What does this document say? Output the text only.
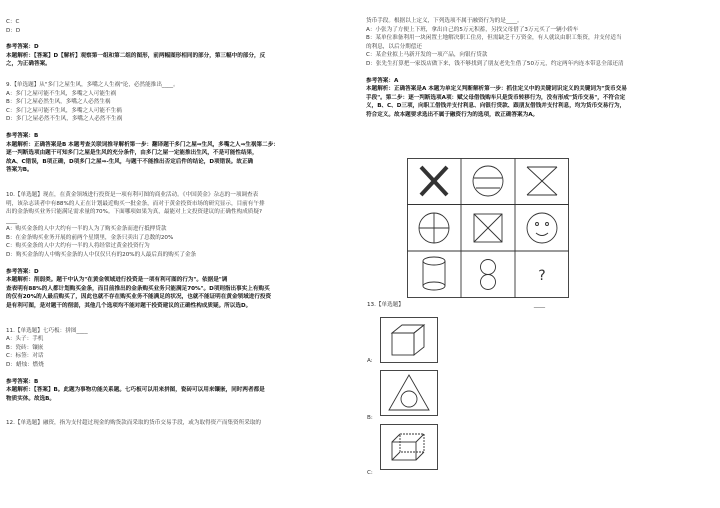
C：C
D：D
参考答案：D
本题解析：【答案】D【解析】观察第一组和第二组的图形，前两幅图形相同的部分，第三幅中的部分，反
之，为正确答案。
9.【单选题】从"多门之屋生风，多嘴之人生祸"论，必然能推出____。
A：多门之屋可能不生风，多嘴之人可能生祸
B：多门之屋必然生风，多嘴之人必然生祸
C：多门之屋可能不生风，多嘴之人可能不生祸
D：多门之屋必然不生风，多嘴之人必然不生祸
参考答案：B
本题解析：正确答案是B 本题考查关联词推导解析第一步：翻译题干多门之屋⇒生风，多嘴之人⇒生祸第二步：
逐一判断选项由题干可知多门之屋是生风的充分条件，由多门之屋一定能推出生风，不是可能性结果，
故A、C错误，B项正确，D项多门之屋⇒-生风，与题干不能推出否定后件的结论，D项错误。故正确
答案为B。
10.【单选题】现在，在黄金领域进行投资是一项有利可图的商业活动。《中国黄金》杂志的一项调查表
明，该杂志读者中有88%的人正在计划最近购买一批金条，而对于黄金投资市场的研究显示，目前有午排
出的金条购买业务只能满足需求量的70%。下面哪项如果为真，最能对上文投资建议的正确性构成质疑?
____
A：购买金条的人中大约有一半的人为了购买金条而进行抵押贷款
B：在金条购买业务开展的前两个星期里，金条只卖出了总数的20%
C：购买金条的人中大约有一半的人将经常过黄金投资行为
D：购买金条的人中购买金条的人中仅仅只有的20%的人最后真的购买了金条
参考答案：D
本题解析：削弱类。题干中认为"在黄金领域进行投资是一项有利可图的行为"。依据是"调
查表明有88%的人都计划购买金条，而目前推出的金条购买业务只能满足70%"。D项则指出事实上有购买
的仅有20%的人最后购买了，因此也就不存在购买业务不能满足的状况，也就不能证明在黄金领域进行投资
是有利可图，是对题干的削弱，其他几个选项均不能对题干投资建议的正确性构成质疑。所以选D。
11.【单选题】七巧板：拼图____
A：头子：手机
B：瓷砖：镶嵌
C：标签：对话
D：蜡烛：燃烧
参考答案：B
本题解析：【答案】B。此题为事物功能关系题。七巧板可以用来拼图，瓷砖可以用来镶嵌，同时两者都是
物质实体。故选B。
12.【单选题】融资，指为支付超过现金的购货款而采取的货币交易手段，或为取得资产而集资所采取的
货币手段。根据以上定义，下列选项不属于融资行为的是____。
A：小张为了方便上下班，拿出自己的5万元积蓄，另找父母借了3万元买了一辆小轿车
B：某单位准备利用一块闲置土地解决职工住房，但需缺乏千万资金，有人就议由职工集资，并支付适当
的利息，以后分期偿还
C：某企业拟上马新开发的一项产品，向银行贷款
D：张先生打算把一家饭店做下来，钱不够找到了朋友老先生借了50万元，约定两年内连本带息全部还清
参考答案：A
本题解析：正确答案是A 本题为单定义判断解析第一步：抓住定义中的关键词识定义的关键词为"货币交易
手段"。第二步：逐一判断选项A项：赋父母借钱购车只是货币转移行为，没有形成"货币交易"，不符合定
义，B、C、D三项，向职工借钱并支付利息、向银行贷款、跟朋友借钱并支付利息，均为货币交易行为，
符合定义。故本题要求选出不属于融资行为的选项，故正确答案为A。
?
13.【单选题】	____
A:
B:
C:
